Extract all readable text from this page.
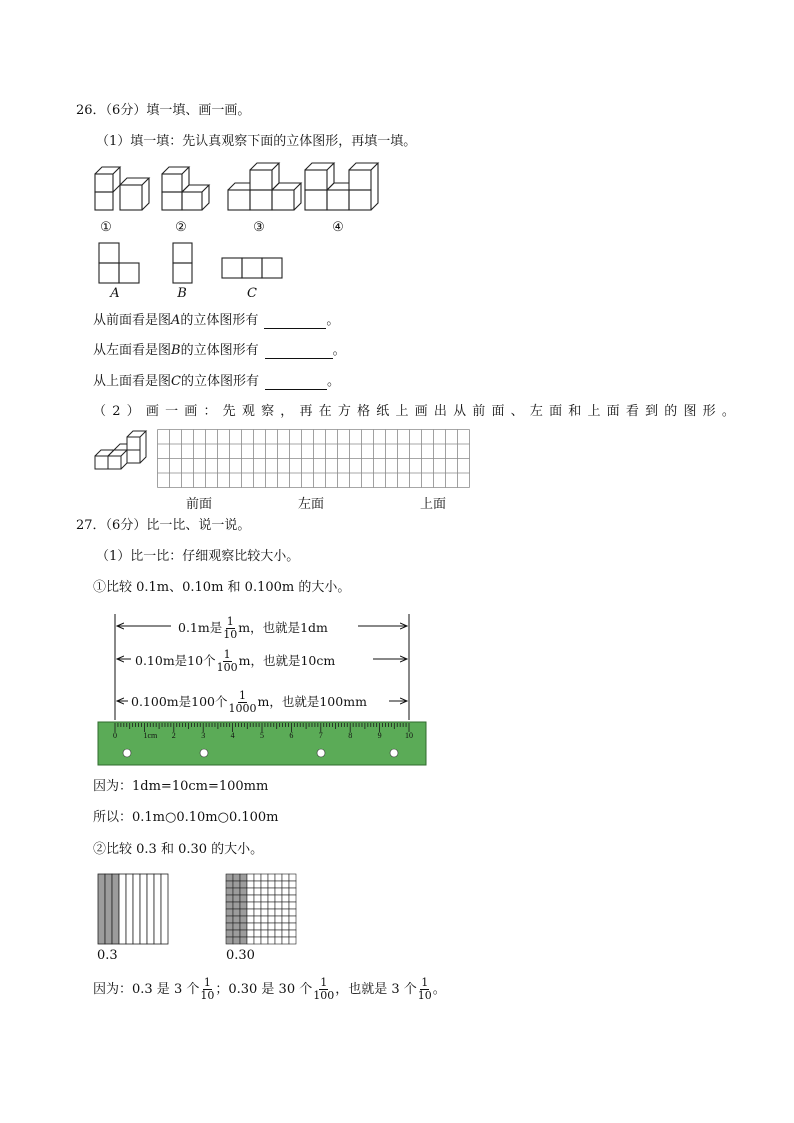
26．（6分）填一填、画一画。
（1）填一填：先认真观察下面的立体图形，再填一填。
①	②	③	④
A	B	C
从前面看是图A的立体图形有	。
从左面看是图B的立体图形有	。
从上面看是图C的立体图形有	。
（2）画一画：先观察，再在方格纸上画出从前面、左面和上面看到的图形。
前面	左面	上面
27．（6分）比一比、说一说。
（1）比一比：仔细观察比较大小。
①比较 0.1m、0.10m 和 0.100m 的大小。
0	1cm 2	3	4	5	6	7	8	9	10
0.1m是 $\frac{1}{10}$ m，也就是1dm
0.10m是10个 $\frac{1}{100}$ m，也就是10cm
0.100m是100个 $\frac{1}{1000}$ m，也就是100mm
因为：1dm=10cm=100mm
所以：0.1m○0.10m○0.100m
②比较 0.3 和 0.30 的大小。
0.3	0.30
因为：0.3 是 3 个 $\frac{1}{10}$ ；0.30 是 30 个 $\frac{1}{100}$ ，也就是 3 个 $\frac{1}{10}$ 。
